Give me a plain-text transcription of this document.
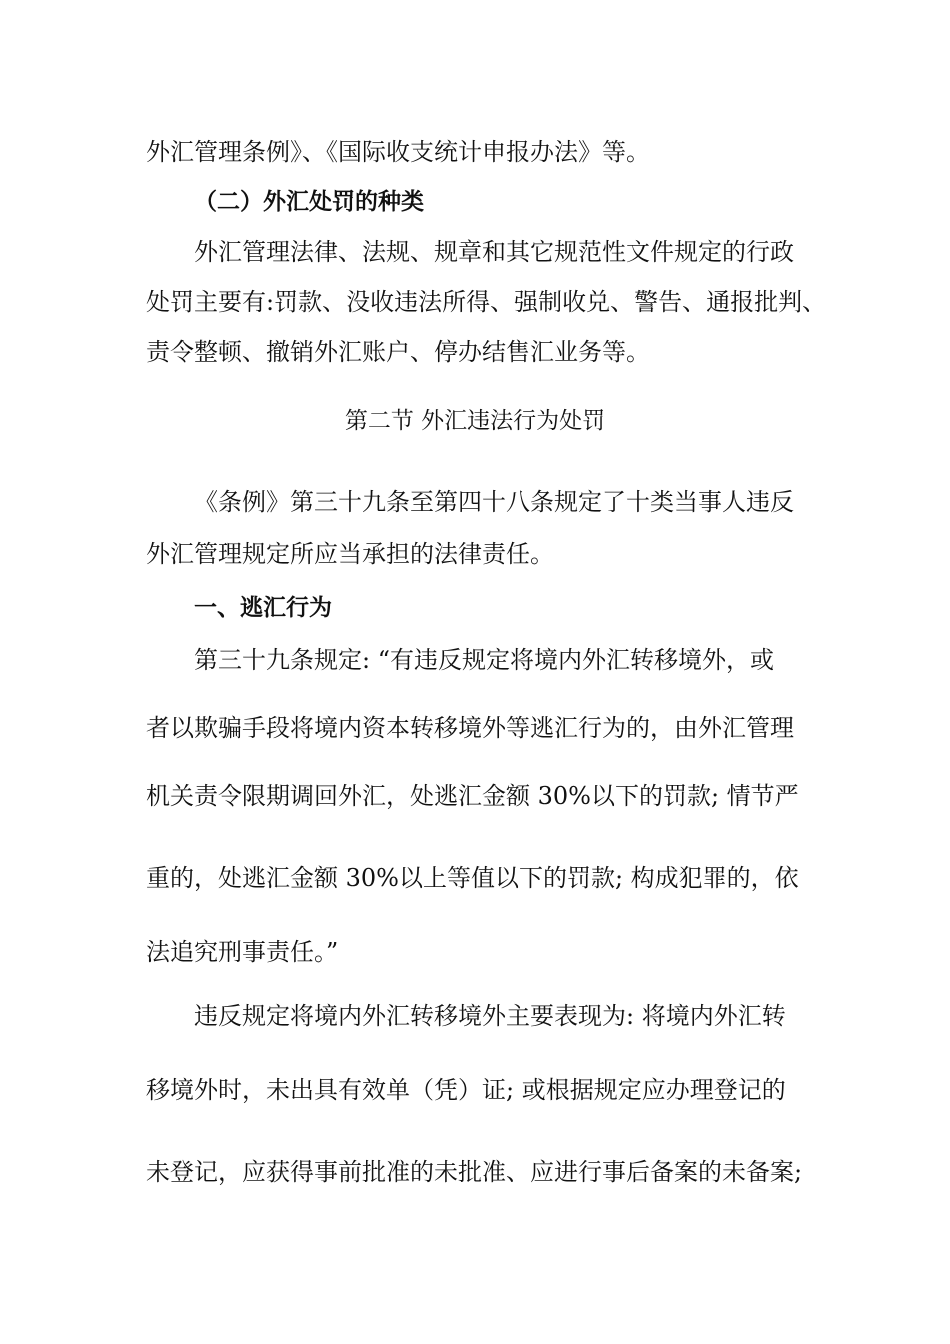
外汇管理条例》、《国际收支统计申报办法》等。
（二）外汇处罚的种类
外汇管理法律、法规、规章和其它规范性文件规定的行政
处罚主要有:罚款、没收违法所得、强制收兑、警告、通报批判、
责令整顿、撤销外汇账户、停办结售汇业务等。
第二节 外汇违法行为处罚
《条例》第三十九条至第四十八条规定了十类当事人违反
外汇管理规定所应当承担的法律责任。
一、逃汇行为
第三十九条规定: “有违反规定将境内外汇转移境外，或
者以欺骗手段将境内资本转移境外等逃汇行为的，由外汇管理
机关责令限期调回外汇，处逃汇金额 30%以下的罚款; 情节严
重的，处逃汇金额 30%以上等值以下的罚款; 构成犯罪的，依
法追究刑事责任。”
违反规定将境内外汇转移境外主要表现为: 将境内外汇转
移境外时，未出具有效单（凭）证; 或根据规定应办理登记的
未登记，应获得事前批准的未批准、应进行事后备案的未备案;
